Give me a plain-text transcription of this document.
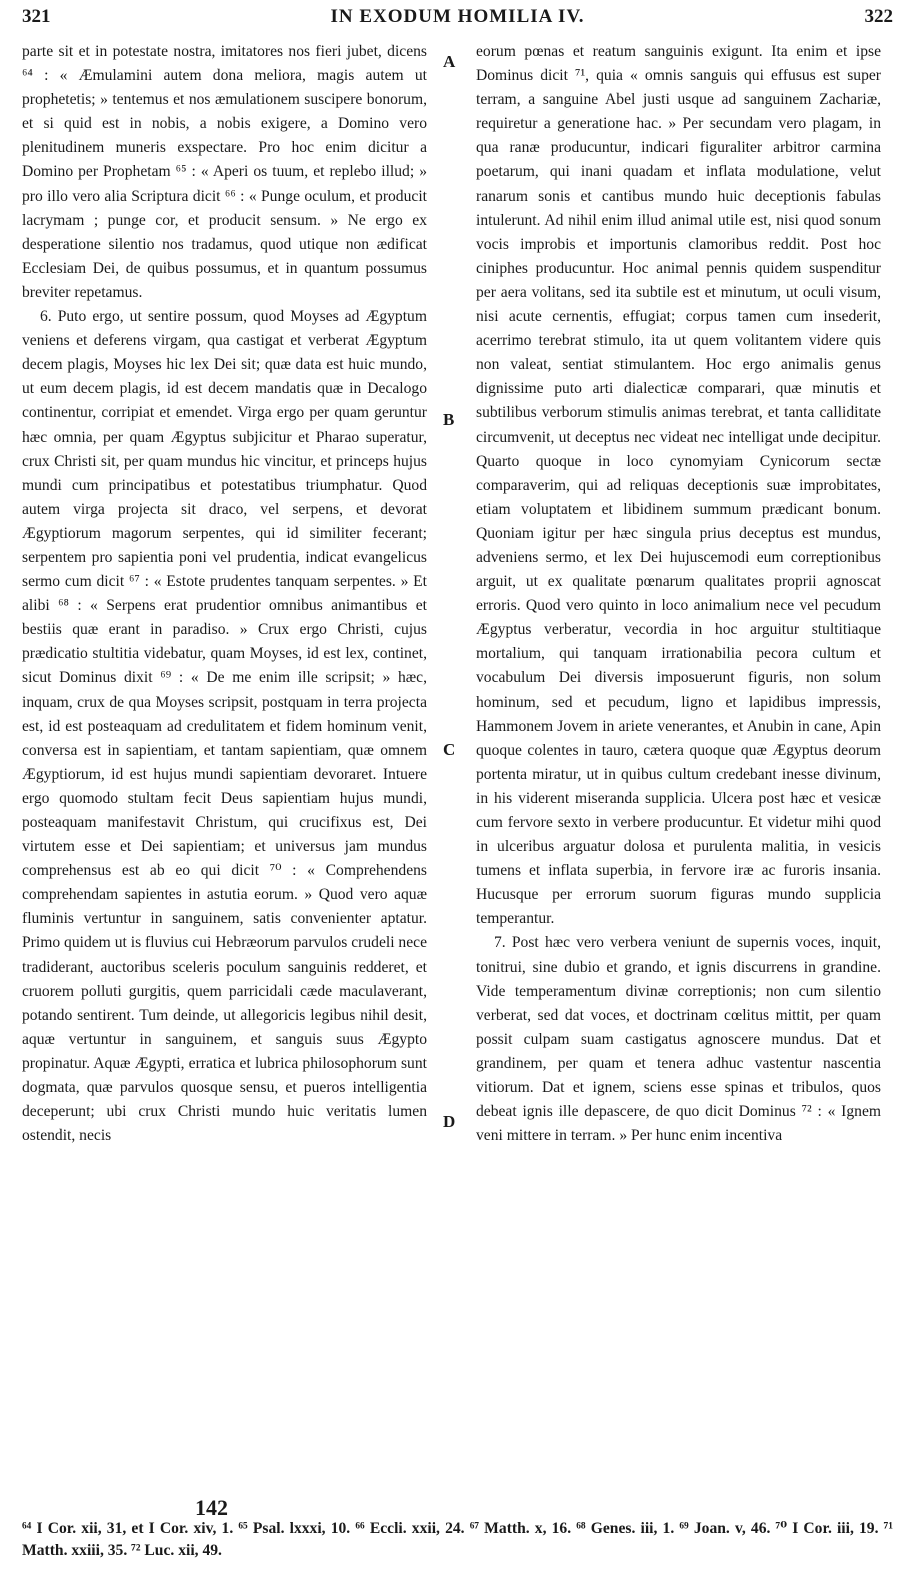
321	IN EXODUM HOMILIA IV.	322

parte sit et in potestate nostra, imitatores nos fieri jubet, dicens ⁶⁴ : « Æmulamini autem dona meliora, magis autem ut prophetetis; » tentemus et nos æmulationem suscipere bonorum, et si quid est in nobis, a nobis exigere, a Domino vero plenitudinem muneris exspectare. Pro hoc enim dicitur a Domino per Prophetam ⁶⁵ : « Aperi os tuum, et replebo illud; » pro illo vero alia Scriptura dicit ⁶⁶ : « Punge oculum, et producit lacrymam ; punge cor, et producit sensum. » Ne ergo ex desperatione silentio nos tradamus, quod utique non ædificat Ecclesiam Dei, de quibus possumus, et in quantum possumus breviter repetamus.

6. Puto ergo, ut sentire possum, quod Moyses ad Ægyptum veniens et deferens virgam, qua castigat et verberat Ægyptum decem plagis, Moyses hic lex Dei sit; quæ data est huic mundo, ut eum decem plagis, id est decem mandatis quæ in Decalogo continentur, corripiat et emendet. Virga ergo per quam geruntur hæc omnia, per quam Ægyptus subjicitur et Pharao superatur, crux Christi sit, per quam mundus hic vincitur, et princeps hujus mundi cum principatibus et potestatibus triumphatur. Quod autem virga projecta sit draco, vel serpens, et devorat Ægyptiorum magorum serpentes, qui id similiter fecerant; serpentem pro sapientia poni vel prudentia, indicat evangelicus sermo cum dicit ⁶⁷ : « Estote prudentes tanquam serpentes. » Et alibi ⁶⁸ : « Serpens erat prudentior omnibus animantibus et bestiis quæ erant in paradiso. » Crux ergo Christi, cujus prædicatio stultitia videbatur, quam Moyses, id est lex, continet, sicut Dominus dixit ⁶⁹ : « De me enim ille scripsit; » hæc, inquam, crux de qua Moyses scripsit, postquam in terra projecta est, id est posteaquam ad credulitatem et fidem hominum venit, conversa est in sapientiam, et tantam sapientiam, quæ omnem Ægyptiorum, id est hujus mundi sapientiam devoraret. Intuere ergo quomodo stultam fecit Deus sapientiam hujus mundi, posteaquam manifestavit Christum, qui crucifixus est, Dei virtutem esse et Dei sapientiam; et universus jam mundus comprehensus est ab eo qui dicit ⁷⁰ : « Comprehendens comprehendam sapientes in astutia eorum. » Quod vero aquæ fluminis vertuntur in sanguinem, satis convenienter aptatur. Primo quidem ut is fluvius cui Hebræorum parvulos crudeli nece tradiderant, auctoribus sceleris poculum sanguinis redderet, et cruorem polluti gurgitis, quem parricidali cæde maculaverant, potando sentirent. Tum deinde, ut allegoricis legibus nihil desit, aquæ vertuntur in sanguinem, et sanguis suus Ægypto propinatur. Aquæ Ægypti, erratica et lubrica philosophorum sunt dogmata, quæ parvulos quosque sensu, et pueros intelligentia deceperunt; ubi crux Christi mundo huic veritatis lumen ostendit, necis

A
B
C
D

eorum pœnas et reatum sanguinis exigunt. Ita enim et ipse Dominus dicit ⁷¹, quia « omnis sanguis qui effusus est super terram, a sanguine Abel justi usque ad sanguinem Zachariæ, requiretur a generatione hac. » Per secundam vero plagam, in qua ranæ producuntur, indicari figuraliter arbitror carmina poetarum, qui inani quadam et inflata modulatione, velut ranarum sonis et cantibus mundo huic deceptionis fabulas intulerunt. Ad nihil enim illud animal utile est, nisi quod sonum vocis improbis et importunis clamoribus reddit. Post hoc ciniphes producuntur. Hoc animal pennis quidem suspenditur per aera volitans, sed ita subtile est et minutum, ut oculi visum, nisi acute cernentis, effugiat; corpus tamen cum insederit, acerrimo terebrat stimulo, ita ut quem volitantem videre quis non valeat, sentiat stimulantem. Hoc ergo animalis genus dignissime puto arti dialecticæ comparari, quæ minutis et subtilibus verborum stimulis animas terebrat, et tanta calliditate circumvenit, ut deceptus nec videat nec intelligat unde decipitur. Quarto quoque in loco cynomyiam Cynicorum sectæ comparaverim, qui ad reliquas deceptionis suæ improbitates, etiam voluptatem et libidinem summum prædicant bonum. Quoniam igitur per hæc singula prius deceptus est mundus, adveniens sermo, et lex Dei hujuscemodi eum correptionibus arguit, ut ex qualitate pœnarum qualitates proprii agnoscat erroris. Quod vero quinto in loco animalium nece vel pecudum Ægyptus verberatur, vecordia in hoc arguitur stultitiaque mortalium, qui tanquam irrationabilia pecora cultum et vocabulum Dei diversis imposuerunt figuris, non solum hominum, sed et pecudum, ligno et lapidibus impressis, Hammonem Jovem in ariete venerantes, et Anubin in cane, Apin quoque colentes in tauro, cætera quoque quæ Ægyptus deorum portenta miratur, ut in quibus cultum credebant inesse divinum, in his viderent miseranda supplicia. Ulcera post hæc et vesicæ cum fervore sexto in verbere producuntur. Et videtur mihi quod in ulceribus arguatur dolosa et purulenta malitia, in vesicis tumens et inflata superbia, in fervore iræ ac furoris insania. Hucusque per errorum suorum figuras mundo supplicia temperantur.

7. Post hæc vero verbera veniunt de supernis voces, inquit, tonitrui, sine dubio et grando, et ignis discurrens in grandine. Vide temperamentum divinæ correptionis; non cum silentio verberat, sed dat voces, et doctrinam cœlitus mittit, per quam possit culpam suam castigatus agnoscere mundus. Dat et grandinem, per quam et tenera adhuc vastentur nascentia vitiorum. Dat et ignem, sciens esse spinas et tribulos, quos debeat ignis ille depascere, de quo dicit Dominus ⁷² : « Ignem veni mittere in terram. » Per hunc enim incentiva

142
⁶⁴ I Cor. xii, 31, et I Cor. xiv, 1. ⁶⁵ Psal. lxxxi, 10. ⁶⁶ Eccli. xxii, 24. ⁶⁷ Matth. x, 16. ⁶⁸ Genes. iii, 1. ⁶⁹ Joan. v, 46. ⁷⁰ I Cor. iii, 19. ⁷¹ Matth. xxiii, 35. ⁷² Luc. xii, 49.
